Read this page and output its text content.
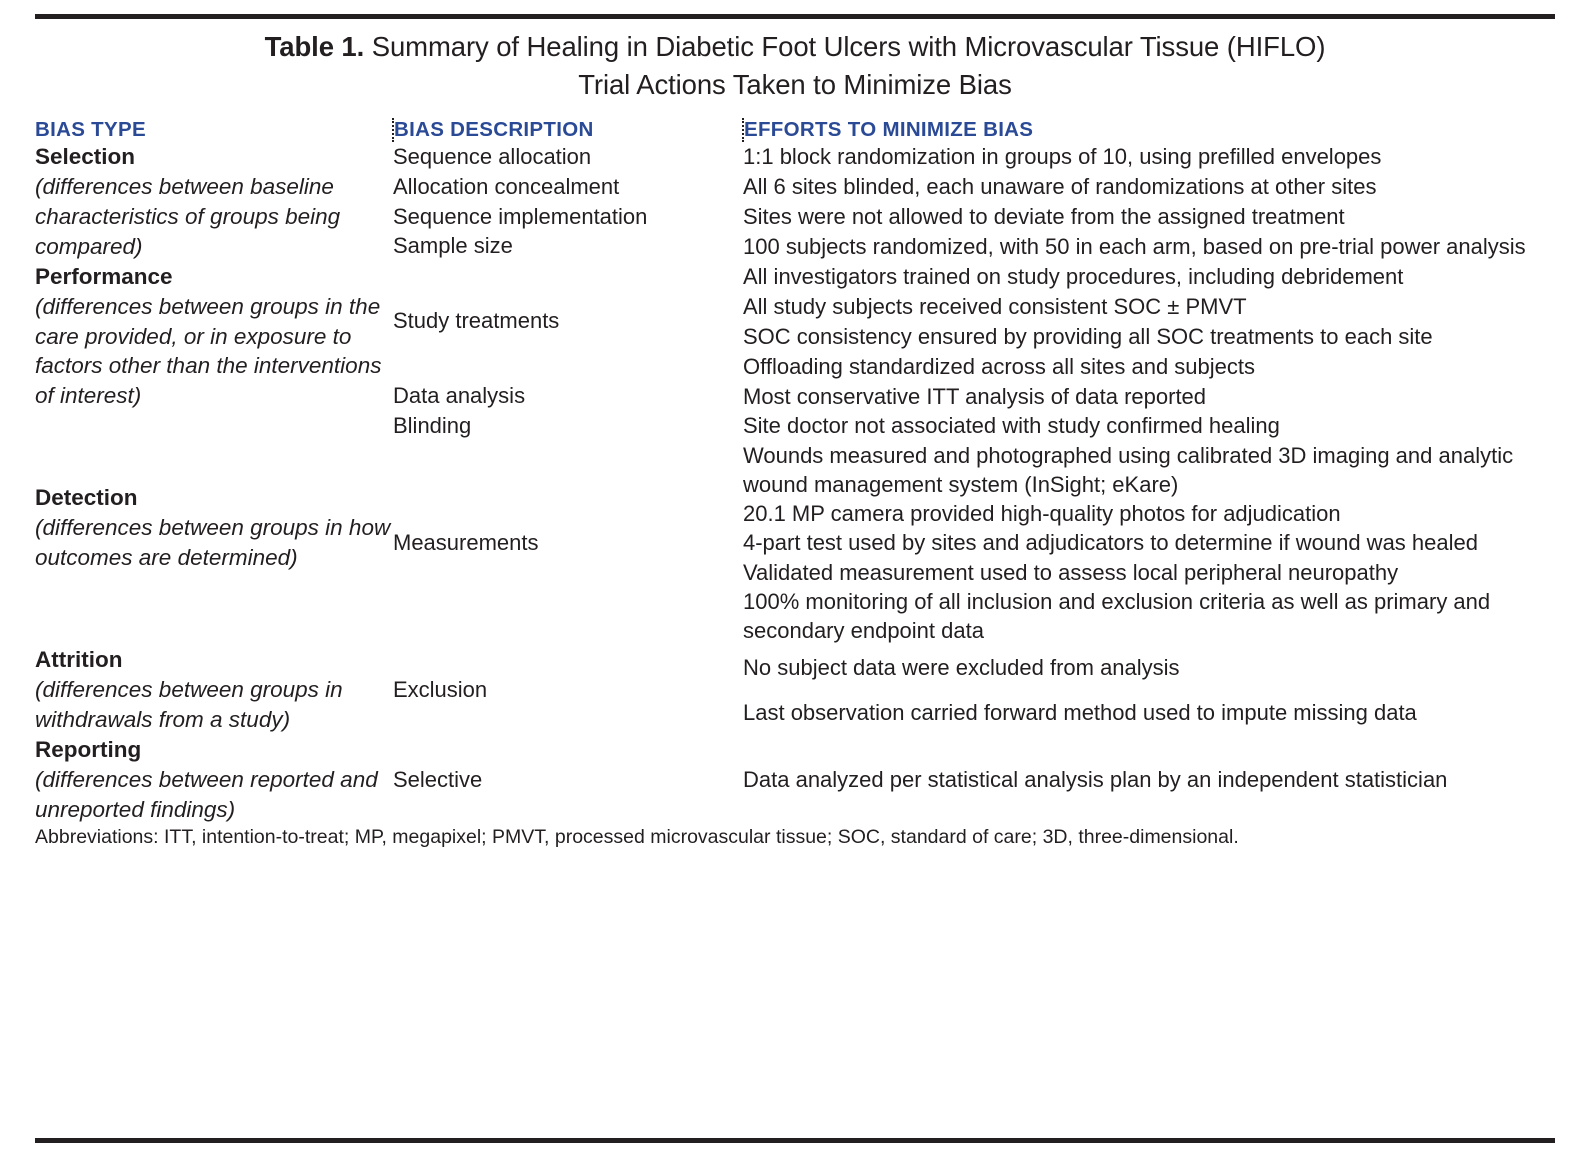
Table 1. Summary of Healing in Diabetic Foot Ulcers with Microvascular Tissue (HIFLO)
Trial Actions Taken to Minimize Bias
BIAS TYPE	BIAS DESCRIPTION	EFFORTS TO MINIMIZE BIAS

Selection
(differences between baseline characteristics of groups being compared)	Sequence allocation	1:1 block randomization in groups of 10, using prefilled envelopes
	Allocation concealment	All 6 sites blinded, each unaware of randomizations at other sites
	Sequence implementation	Sites were not allowed to deviate from the assigned treatment
	Sample size	100 subjects randomized, with 50 in each arm, based on pre-trial power analysis

Performance
(differences between groups in the care provided, or in exposure to factors other than the interventions of interest)	Study treatments	All investigators trained on study procedures, including debridement
		All study subjects received consistent SOC ± PMVT
		SOC consistency ensured by providing all SOC treatments to each site
		Offloading standardized across all sites and subjects
	Data analysis	Most conservative ITT analysis of data reported

Detection
(differences between groups in how outcomes are determined)	Blinding	Site doctor not associated with study confirmed healing
	Measurements	Wounds measured and photographed using calibrated 3D imaging and analytic wound management system (InSight; eKare)
		20.1 MP camera provided high-quality photos for adjudication
		4-part test used by sites and adjudicators to determine if wound was healed
		Validated measurement used to assess local peripheral neuropathy
		100% monitoring of all inclusion and exclusion criteria as well as primary and secondary endpoint data

Attrition
(differences between groups in withdrawals from a study)	Exclusion	No subject data were excluded from analysis
		Last observation carried forward method used to impute missing data

Reporting
(differences between reported and unreported findings)	Selective	Data analyzed per statistical analysis plan by an independent statistician
Abbreviations: ITT, intention-to-treat; MP, megapixel; PMVT, processed microvascular tissue; SOC, standard of care; 3D, three-dimensional.		
